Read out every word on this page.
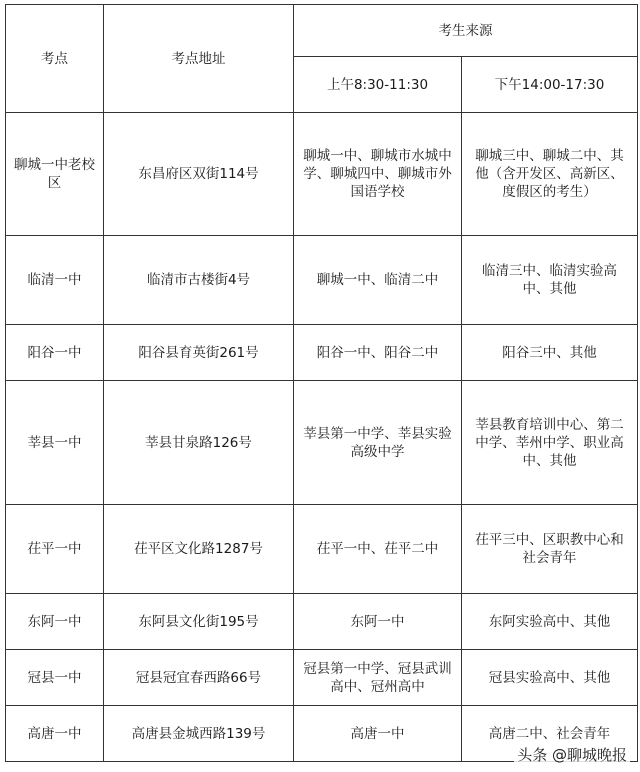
考点	考点地址	考生来源	
		上午8:30-11:30	下午14:00-17:30
聊城一中老校区	东昌府区双街114号	聊城一中、聊城市水城中学、聊城四中、聊城市外国语学校	聊城三中、聊城二中、其他（含开发区、高新区、度假区的考生）
临清一中	临清市古楼街4号	聊城一中、临清二中	临清三中、临清实验高中、其他
阳谷一中	阳谷县育英街261号	阳谷一中、阳谷二中	阳谷三中、其他
莘县一中	莘县甘泉路126号	莘县第一中学、莘县实验高级中学	莘县教育培训中心、第二中学、莘州中学、职业高中、其他
茌平一中	茌平区文化路1287号	茌平一中、茌平二中	茌平三中、区职教中心和社会青年
东阿一中	东阿县文化街195号	东阿一中	东阿实验高中、其他
冠县一中	冠县冠宜春西路66号	冠县第一中学、冠县武训高中、冠州高中	冠县实验高中、其他
高唐一中	高唐县金城西路139号	高唐一中	高唐二中、社会青年
头条 @聊城晚报
